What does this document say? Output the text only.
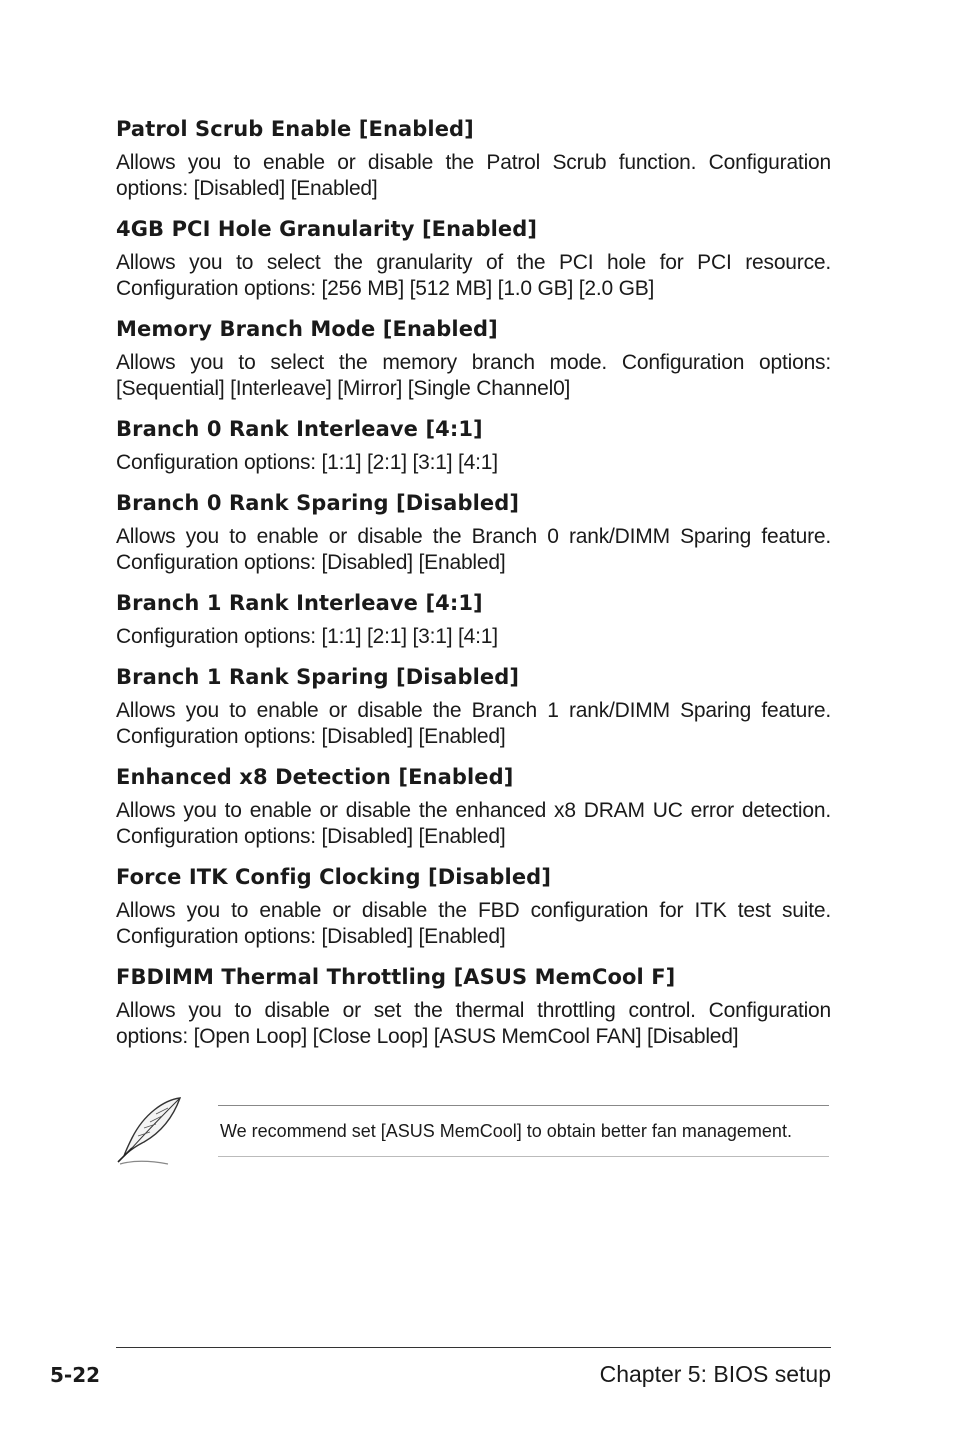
Patrol Scrub Enable [Enabled]

Allows you to enable or disable the Patrol Scrub function. Configuration options: [Disabled] [Enabled]

4GB PCI Hole Granularity [Enabled]

Allows you to select the granularity of the PCI hole for PCI resource. Configuration options: [256 MB] [512 MB] [1.0 GB] [2.0 GB]

Memory Branch Mode [Enabled]

Allows you to select the memory branch mode. Configuration options: [Sequential] [Interleave] [Mirror] [Single Channel0]

Branch 0 Rank Interleave [4:1]

Configuration options: [1:1] [2:1] [3:1] [4:1]

Branch 0 Rank Sparing [Disabled]

Allows you to enable or disable the Branch 0 rank/DIMM Sparing feature. Configuration options: [Disabled] [Enabled]

Branch 1 Rank Interleave [4:1]

Configuration options: [1:1] [2:1] [3:1] [4:1]

Branch 1 Rank Sparing [Disabled]

Allows you to enable or disable the Branch 1 rank/DIMM Sparing feature. Configuration options: [Disabled] [Enabled]

Enhanced x8 Detection [Enabled]

Allows you to enable or disable the enhanced x8 DRAM UC error detection. Configuration options: [Disabled] [Enabled]

Force ITK Config Clocking [Disabled]

Allows you to enable or disable the FBD configuration for ITK test suite. Configuration options: [Disabled] [Enabled]

FBDIMM Thermal Throttling [ASUS MemCool F]

Allows you to disable or set the thermal throttling control. Configuration options: [Open Loop] [Close Loop] [ASUS MemCool FAN] [Disabled]

We recommend set [ASUS MemCool] to obtain better fan management.

5-22	Chapter 5: BIOS setup
